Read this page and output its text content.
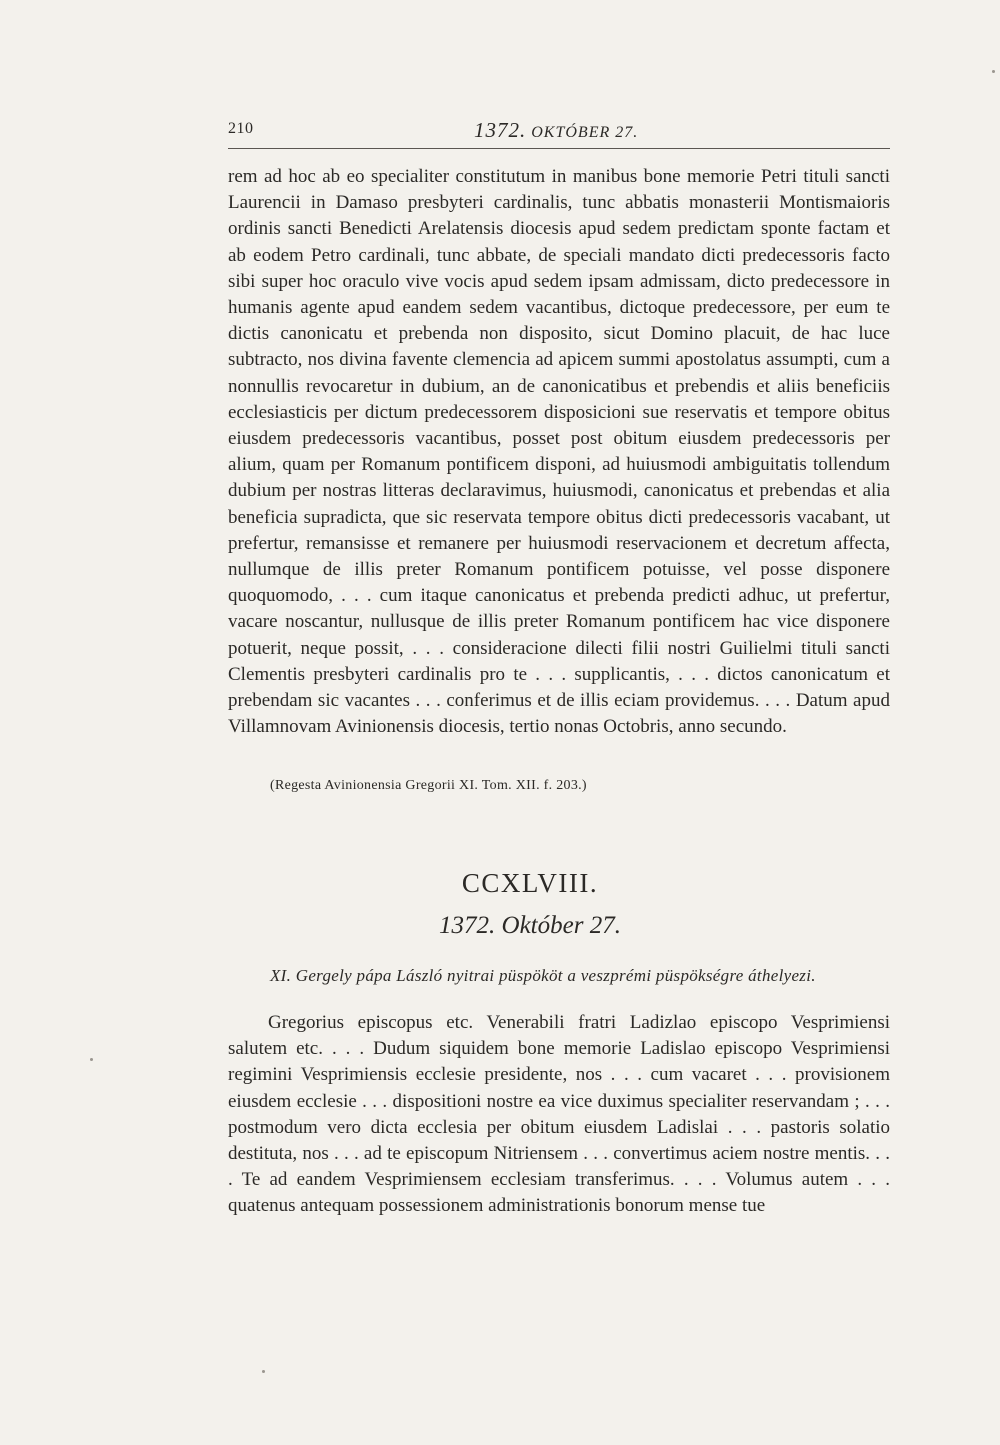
210	1372. OKTÓBER 27.

rem ad hoc ab eo specialiter constitutum in manibus bone memorie Petri tituli sancti Laurencii in Damaso presbyteri cardinalis, tunc abbatis monasterii Montismaioris ordinis sancti Benedicti Arelatensis diocesis apud sedem predictam sponte factam et ab eodem Petro cardinali, tunc abbate, de speciali mandato dicti predecessoris facto sibi super hoc oraculo vive vocis apud sedem ipsam admissam, dicto predecessore in humanis agente apud eandem sedem vacantibus, dictoque predecessore, per eum te dictis canonicatu et prebenda non disposito, sicut Domino placuit, de hac luce subtracto, nos divina favente clemencia ad apicem summi apostolatus assumpti, cum a nonnullis revocaretur in dubium, an de canonicatibus et prebendis et aliis beneficiis ecclesiasticis per dictum predecessorem disposicioni sue reservatis et tempore obitus eiusdem predecessoris vacantibus, posset post obitum eiusdem predecessoris per alium, quam per Romanum pontificem disponi, ad huiusmodi ambiguitatis tollendum dubium per nostras litteras declaravimus, huiusmodi, canonicatus et prebendas et alia beneficia supradicta, que sic reservata tempore obitus dicti predecessoris vacabant, ut prefertur, remansisse et remanere per huiusmodi reservacionem et decretum affecta, nullumque de illis preter Romanum pontificem potuisse, vel posse disponere quoquomodo, . . . cum itaque canonicatus et prebenda predicti adhuc, ut prefertur, vacare noscantur, nullusque de illis preter Romanum pontificem hac vice disponere potuerit, neque possit, . . . consideracione dilecti filii nostri Guilielmi tituli sancti Clementis presbyteri cardinalis pro te . . . supplicantis, . . . dictos canonicatum et prebendam sic vacantes . . . conferimus et de illis eciam providemus. . . . Datum apud Villamnovam Avinionensis diocesis, tertio nonas Octobris, anno secundo.

(Regesta Avinionensia Gregorii XI. Tom. XII. f. 203.)
CCXLVIII.
1372. Október 27.
XI. Gergely pápa László nyitrai püspököt a veszprémi püspökségre áthelyezi.

Gregorius episcopus etc. Venerabili fratri Ladizlao episcopo Vesprimiensi salutem etc. . . . Dudum siquidem bone memorie Ladislao episcopo Vesprimiensi regimini Vesprimiensis ecclesie presidente, nos . . . cum vacaret . . . provisionem eiusdem ecclesie . . . dispositioni nostre ea vice duximus specialiter reservandam ; . . . postmodum vero dicta ecclesia per obitum eiusdem Ladislai . . . pastoris solatio destituta, nos . . . ad te episcopum Nitriensem . . . convertimus aciem nostre mentis. . . . Te ad eandem Vesprimiensem ecclesiam transferimus. . . . Volumus autem . . . quatenus antequam possessionem administrationis bonorum mense tue
